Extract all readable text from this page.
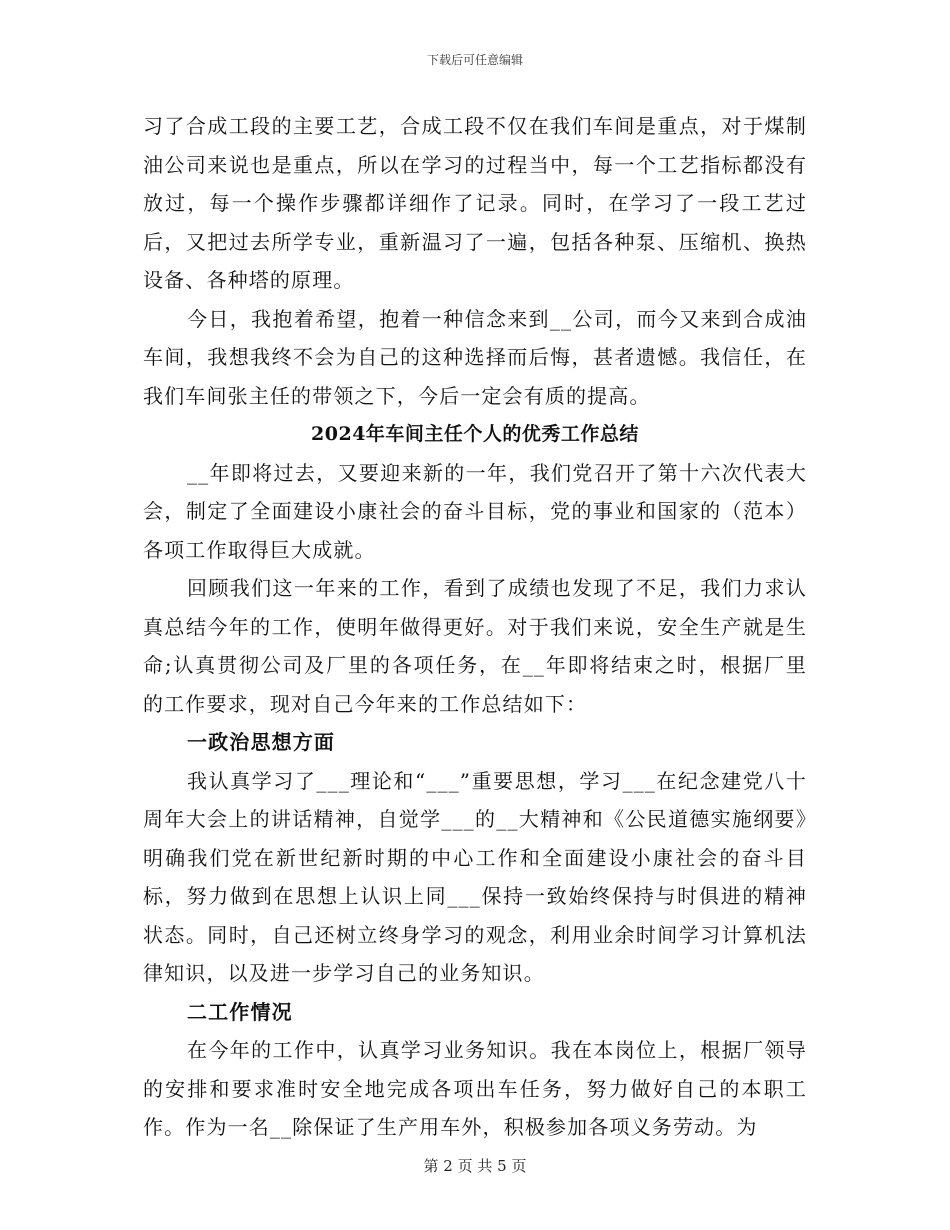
下载后可任意编辑

习了合成工段的主要工艺，合成工段不仅在我们车间是重点，对于煤制油公司来说也是重点，所以在学习的过程当中，每一个工艺指标都没有放过，每一个操作步骤都详细作了记录。同时，在学习了一段工艺过后，又把过去所学专业，重新温习了一遍，包括各种泵、压缩机、换热设备、各种塔的原理。

今日，我抱着希望，抱着一种信念来到__公司，而今又来到合成油车间，我想我终不会为自己的这种选择而后悔，甚者遗憾。我信任，在我们车间张主任的带领之下，今后一定会有质的提高。

2024年车间主任个人的优秀工作总结

__年即将过去，又要迎来新的一年，我们党召开了第十六次代表大会，制定了全面建设小康社会的奋斗目标，党的事业和国家的（范本）各项工作取得巨大成就。

回顾我们这一年来的工作，看到了成绩也发现了不足，我们力求认真总结今年的工作，使明年做得更好。对于我们来说，安全生产就是生命;认真贯彻公司及厂里的各项任务，在__年即将结束之时，根据厂里的工作要求，现对自己今年来的工作总结如下：

一政治思想方面

我认真学习了___理论和“___”重要思想，学习___在纪念建党八十周年大会上的讲话精神，自觉学___的__大精神和《公民道德实施纲要》明确我们党在新世纪新时期的中心工作和全面建设小康社会的奋斗目标，努力做到在思想上认识上同___保持一致始终保持与时俱进的精神状态。同时，自己还树立终身学习的观念，利用业余时间学习计算机法律知识，以及进一步学习自己的业务知识。

二工作情况

在今年的工作中，认真学习业务知识。我在本岗位上，根据厂领导的安排和要求准时安全地完成各项出车任务，努力做好自己的本职工作。作为一名__除保证了生产用车外，积极参加各项义务劳动。为

第 2 页 共 5 页
